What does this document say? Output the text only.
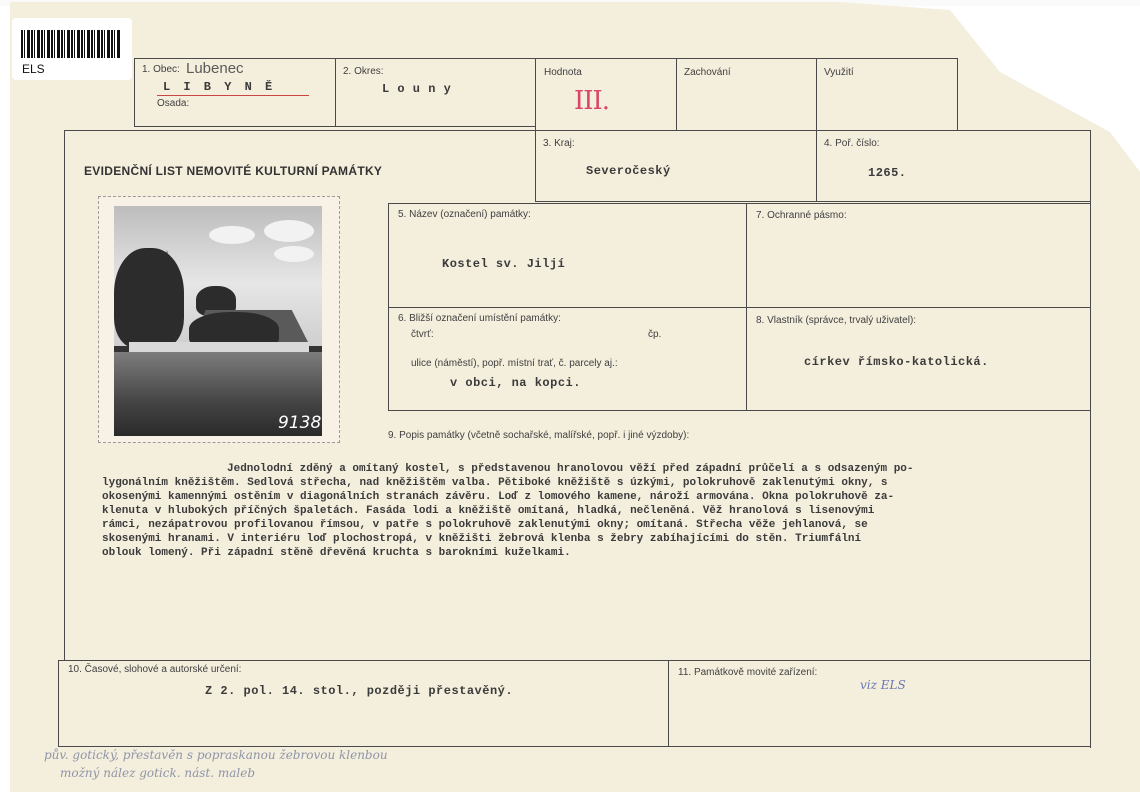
ELS	1. Obec: Lubenec
L I B Y N Ě
Osada:
2. Okres:
L o u n y
Hodnota
III.
Zachování	Využití
EVIDENČNÍ LIST NEMOVITÉ KULTURNÍ PAMÁTKY
3. Kraj:
Severočeský
4. Poř. číslo:
1265.
9138
5. Název (označení) památky:
Kostel sv. Jiljí
7. Ochranné pásmo:
6. Bližší označení umístění památky:
čtvrť:	čp.
ulice (náměstí), popř. místní trať, č. parcely aj.:
v obci, na kopci.
8. Vlastník (správce, trvalý uživatel):
církev římsko-katolická.
9. Popis památky (včetně sochařské, malířské, popř. i jiné výzdoby):
Jednolodní zděný a omítaný kostel, s představenou hranolovou věží před západní průčelí a s odsazeným po-
lygonálním kněžištěm. Sedlová střecha, nad kněžištěm valba. Pětiboké kněžiště s úzkými, polokruhově zaklenutými okny, s
okosenými kamennými ostěním v diagonálních stranách závěru. Loď z lomového kamene, nároží armovánа. Okna polokruhově za-
klenuta v hlubokých příčných špaletách. Fasáda lodi a kněžiště omítaná, hladká, nečleněná. Věž hranolová s lisenovými
rámci, nezápatrovou profilovanou římsou, v patře s polokruhově zaklenutými okny; omítaná. Střecha věže jehlanová, se
skosenými hranami. V interiéru loď plochostropá, v kněžišti žebrová klenba s žebry zabíhajícími do stěn. Triumfální
oblouk lomený. Při západní stěně dřevěná kruchta s barokními kuželkami.
10. Časové, slohové a autorské určení:
Z 2. pol. 14. stol., později přestavěný.
11. Památkově movité zařízení:
viz ELS
pův. gotický, přestavěn s popraskanou žebrovou klenbou
možný nález gotick. nást. maleb
